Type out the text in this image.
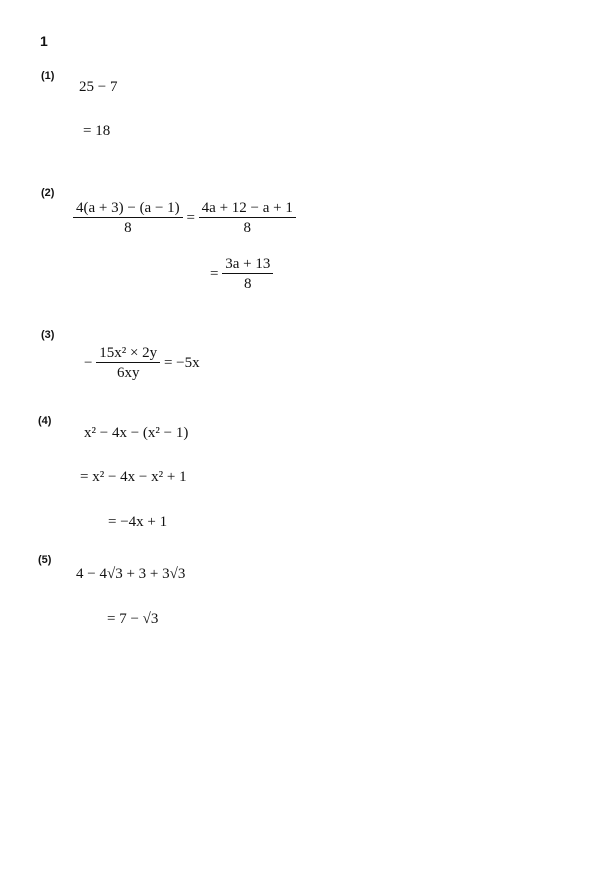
1
(1)
25 − 7
= 18
(2)
$\frac{4(a + 3) - (a - 1)}{8} = \frac{4a + 12 - a + 1}{8}$
= $\frac{3a + 13}{8}$
(3)
− $\frac{\text{15x² × 2y}}{6xy} = -5x$
(4)
x² − 4x − (x² − 1)
= x² − 4x − x² + 1
= −4x + 1
(5)
4 − 4√3 + 3 + 3√3
= 7 − √3
